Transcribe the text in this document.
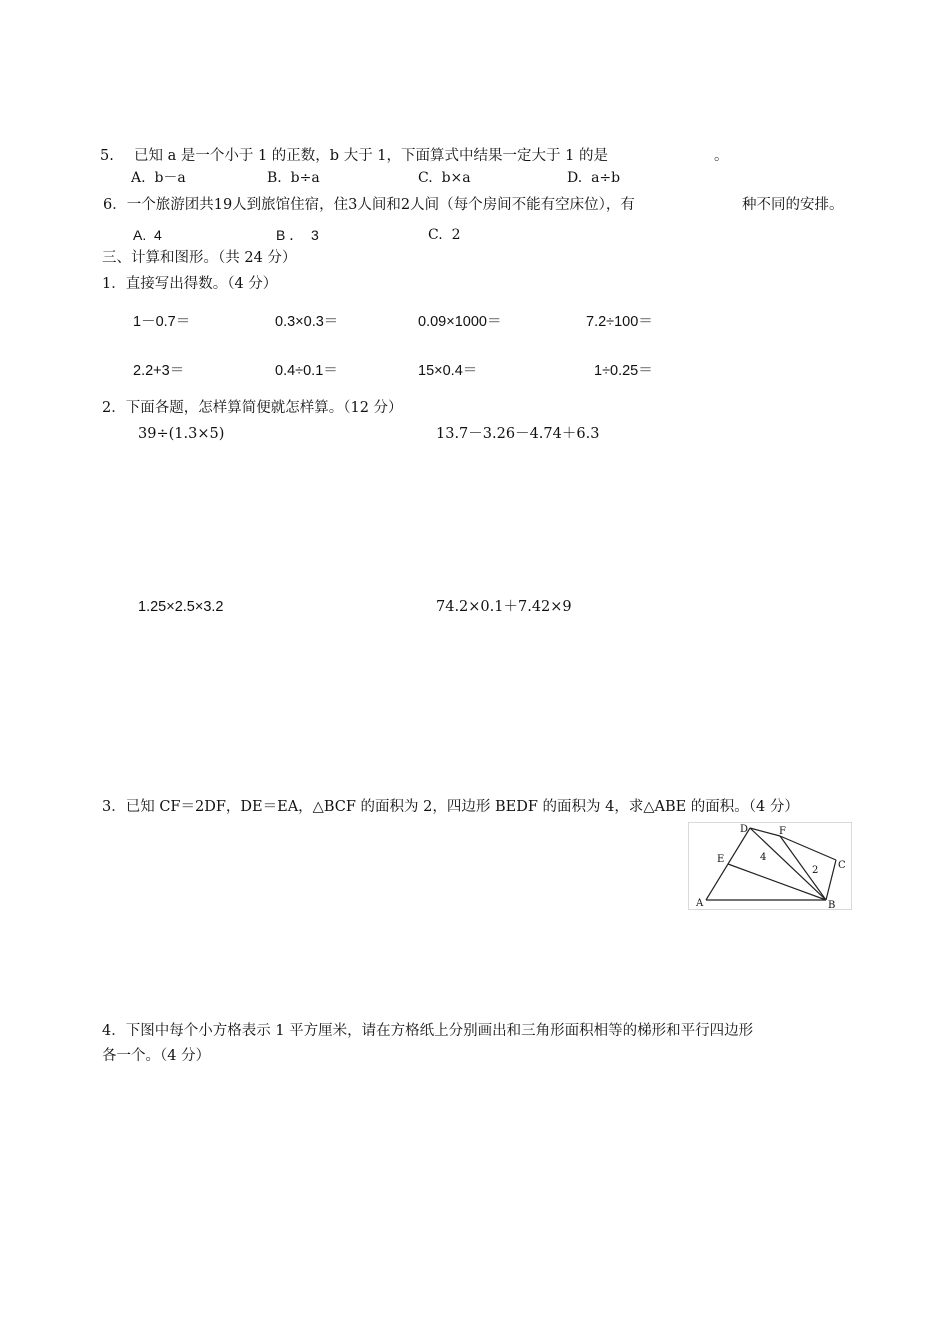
5. 已知 a 是一个小于 1 的正数，b 大于 1，下面算式中结果一定大于 1 的是	。
A.  b－a	B.  b÷a	C.  b×a	D.  a÷b
6．一个旅游团共19人到旅馆住宿，住3人间和2人间（每个房间不能有空床位），有	种不同的安排。
A.  4	B ．  3	C.  2
三、计算和图形。（共 24 分）
1．直接写出得数。（4 分）
1－0.7＝	0.3×0.3＝	0.09×1000＝	7.2÷100＝
2.2+3＝	0.4÷0.1＝	15×0.4＝	1÷0.25＝
2．下面各题，怎样算简便就怎样算。（12 分）
39÷(1.3×5)	13.7－3.26－4.74＋6.3
1.25×2.5×3.2	74.2×0.1＋7.42×9
3．已知 CF＝2DF，DE＝EA，△BCF 的面积为 2，四边形 BEDF 的面积为 4，求△ABE 的面积。（4 分）
A	B
C
D
E
F
4
2
4．下图中每个小方格表示 1 平方厘米，请在方格纸上分别画出和三角形面积相等的梯形和平行四边形
各一个。（4 分）
